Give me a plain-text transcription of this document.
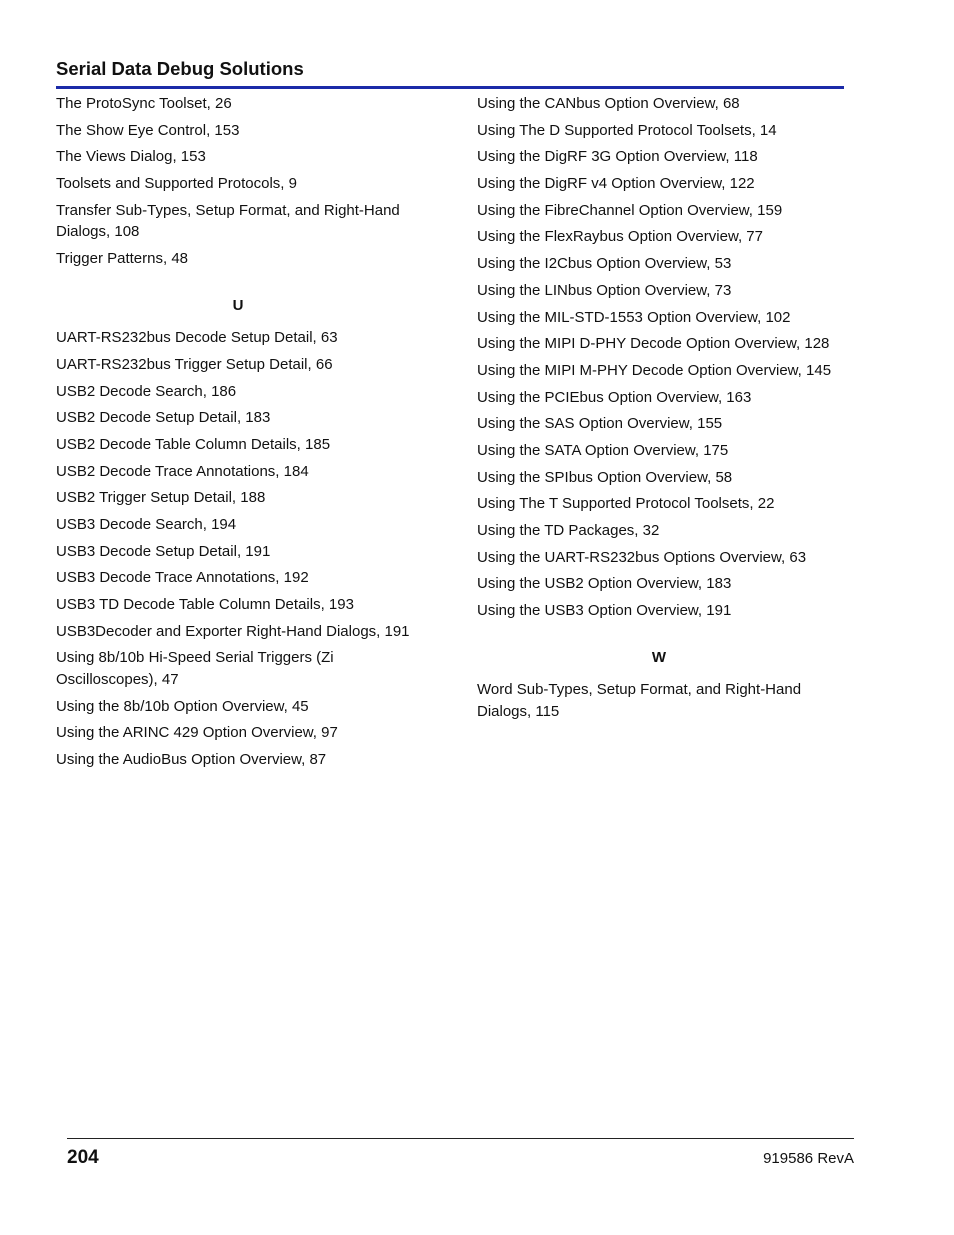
Serial Data Debug Solutions
The ProtoSync Toolset, 26
The Show Eye Control, 153
The Views Dialog, 153
Toolsets and Supported Protocols, 9
Transfer Sub-Types, Setup Format, and Right-Hand Dialogs, 108
Trigger Patterns, 48
U
UART-RS232bus Decode Setup Detail, 63
UART-RS232bus Trigger Setup Detail, 66
USB2 Decode Search, 186
USB2 Decode Setup Detail, 183
USB2 Decode Table Column Details, 185
USB2 Decode Trace Annotations, 184
USB2 Trigger Setup Detail, 188
USB3 Decode Search, 194
USB3 Decode Setup Detail, 191
USB3 Decode Trace Annotations, 192
USB3 TD Decode Table Column Details, 193
USB3Decoder and Exporter Right-Hand Dialogs, 191
Using 8b/10b Hi-Speed Serial Triggers (Zi Oscilloscopes), 47
Using the 8b/10b Option Overview, 45
Using the ARINC 429 Option Overview, 97
Using the AudioBus Option Overview, 87
Using the CANbus Option Overview, 68
Using The D Supported Protocol Toolsets, 14
Using the DigRF 3G Option Overview, 118
Using the DigRF v4 Option Overview, 122
Using the FibreChannel Option Overview, 159
Using the FlexRaybus Option Overview, 77
Using the I2Cbus Option Overview, 53
Using the LINbus Option Overview, 73
Using the MIL-STD-1553 Option Overview, 102
Using the MIPI D-PHY Decode Option Overview, 128
Using the MIPI M-PHY Decode Option Overview, 145
Using the PCIEbus Option Overview, 163
Using the SAS Option Overview, 155
Using the SATA Option Overview, 175
Using the SPIbus Option Overview, 58
Using The T Supported Protocol Toolsets, 22
Using the TD Packages, 32
Using the UART-RS232bus Options Overview, 63
Using the USB2 Option Overview, 183
Using the USB3 Option Overview, 191
W
Word Sub-Types, Setup Format, and Right-Hand Dialogs, 115
204	919586 RevA
